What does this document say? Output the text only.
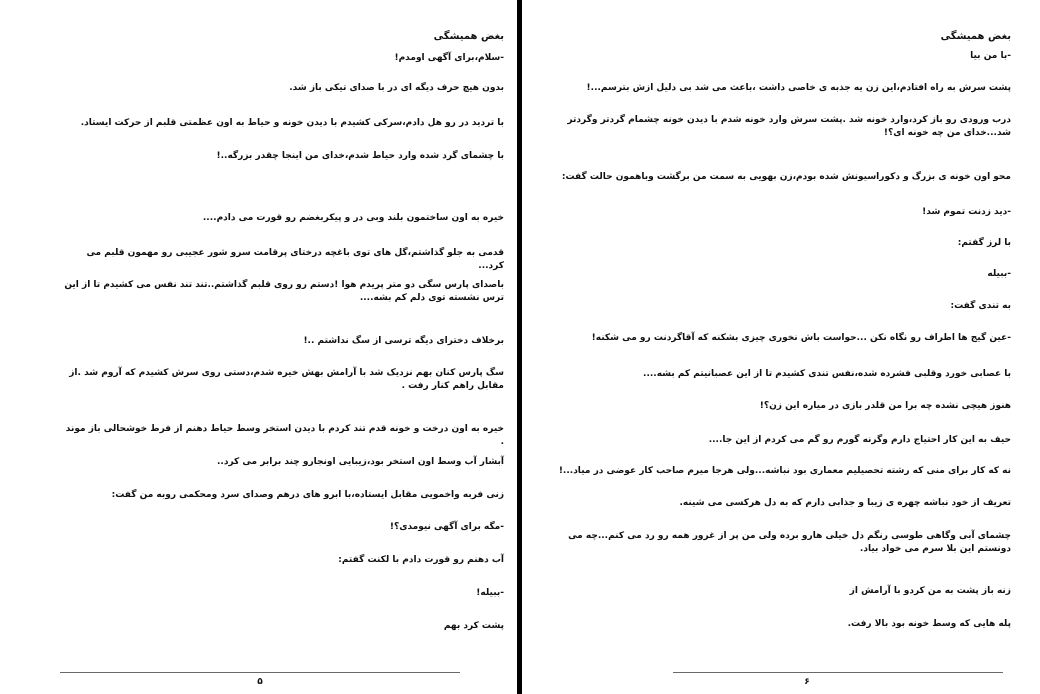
بغض همیشگی
-سلام،برای آگهی اومدم!
بدون هیچ حرف دیگه ای در با صدای تیکی باز شد.
با تردید در رو هل دادم،سرکی کشیدم با دیدن خونه و حیاط به اون عظمتی قلبم از حرکت ایستاد.
با چشمای گرد شده وارد حیاط شدم،خدای من اینجا چقدر بزرگه..!
خیره به اون ساختمون بلند وبی در و پیکربغضم رو قورت می دادم....
قدمی به جلو گذاشتم،گل های توی باغچه درختای پرقامت سرو شور عجیبی رو مهمون قلبم می کرد...
باصدای پارس سگی دو متر پریدم هوا !دستم رو روی قلبم گذاشتم..تند تند نفس می کشیدم تا از این ترس نشسته توی دلم کم بشه....
برخلاف دخترای دیگه ترسی از سگ نداشتم ..!
سگ پارس کنان بهم نزدیک شد با آرامش بهش خیره شدم،دستی روی سرش کشیدم که آروم شد .از مقابل راهم کنار رفت .
خیره به اون درخت و خونه قدم تند کردم با دیدن استخر وسط حیاط دهنم از فرط خوشحالی باز موند .
آبشار آب وسط اون استخر بود،زیبایی اونجارو چند برابر می کرد..
زنی فربه واخمویی مقابل ایستاده،با ابرو های درهم وصدای سرد ومحکمی روبه من گفت:
-مگه برای آگهی نیومدی؟!
آب دهنم رو قورت دادم با لکنت گفتم:
-ببیله!
پشت کرد بهم
۵
بغض همیشگی
-با من بیا
پشت سرش به راه افتادم،این زن یه جذبه ی خاصی داشت ،باعث می شد بی دلیل ازش بترسم...!
درب ورودی رو باز کرد،وارد خونه شد .پشت سرش وارد خونه شدم با دیدن خونه چشمام گردتر وگردتر شد...خدای من چه خونه ای؟!
محو اون خونه ی بزرگ و دکوراسیونش شده بودم،زن بهویی به سمت من برگشت وباهمون حالت گفت:
-دید زدنت تموم شد!
با لرز گفتم:
-ببیله
به تندی گفت:
-عین گیج ها اطراف رو نگاه نکن ...حواست باش نخوری چیزی بشکنه که آقاگردنت رو می شکنه!
با عصابی خورد وقلبی فشرده شده،نفس تندی کشیدم تا از این عصبانیتم کم بشه....
هنوز هیچی نشده چه برا من قلدر بازی در میاره این زن؟!
حیف به این کار احتیاج دارم وگرنه گورم رو گم می کردم از این جا....
نه که کار برای منی که رشته تحصیلیم معماری بود نباشه...ولی هرجا میرم صاحب کار عوضی در میاد...!
تعریف از خود نباشه چهره ی زیبا و جذابی دارم که به دل هرکسی می شینه.
چشمای آبی وگاهی طوسی رنگم دل خیلی هارو برده ولی من پر از غرور همه رو رد می کنم...چه می دونستم این بلا سرم می خواد بیاد.
زنه باز پشت به من کردو با آرامش از
پله هایی که وسط خونه بود بالا رفت.
۶
